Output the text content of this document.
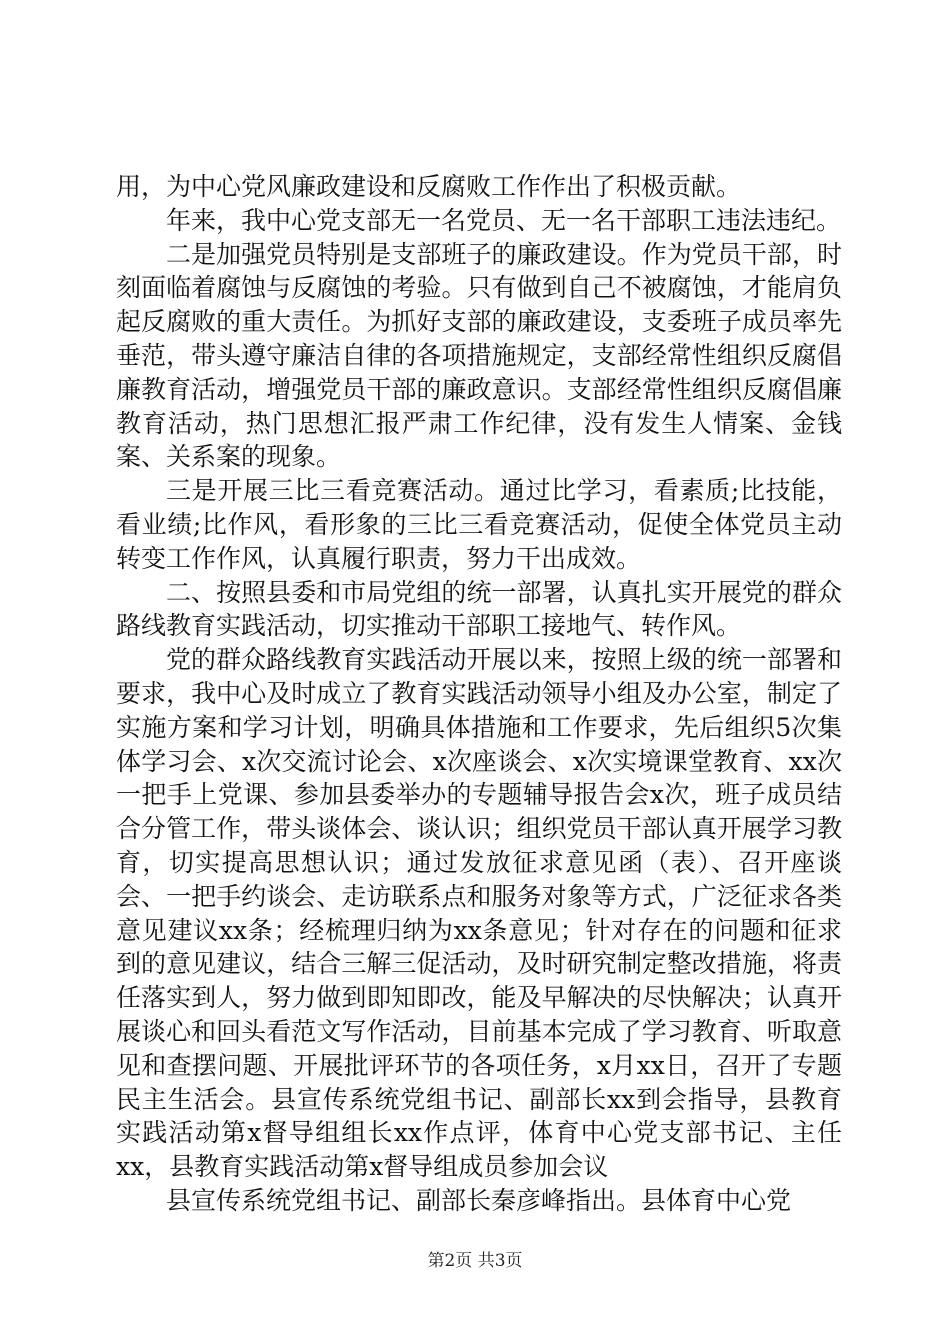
用，为中心党风廉政建设和反腐败工作作出了积极贡献。

年来，我中心党支部无一名党员、无一名干部职工违法违纪。

二是加强党员特别是支部班子的廉政建设。作为党员干部，时刻面临着腐蚀与反腐蚀的考验。只有做到自己不被腐蚀，才能肩负起反腐败的重大责任。为抓好支部的廉政建设，支委班子成员率先垂范，带头遵守廉洁自律的各项措施规定，支部经常性组织反腐倡廉教育活动，增强党员干部的廉政意识。支部经常性组织反腐倡廉教育活动，热门思想汇报严肃工作纪律，没有发生人情案、金钱案、关系案的现象。

三是开展三比三看竞赛活动。通过比学习，看素质;比技能，看业绩;比作风，看形象的三比三看竞赛活动，促使全体党员主动转变工作作风，认真履行职责，努力干出成效。

二、按照县委和市局党组的统一部署，认真扎实开展党的群众路线教育实践活动，切实推动干部职工接地气、转作风。

党的群众路线教育实践活动开展以来，按照上级的统一部署和要求，我中心及时成立了教育实践活动领导小组及办公室，制定了实施方案和学习计划，明确具体措施和工作要求，先后组织5次集体学习会、x次交流讨论会、x次座谈会、x次实境课堂教育、xx次一把手上党课、参加县委举办的专题辅导报告会x次，班子成员结合分管工作，带头谈体会、谈认识；组织党员干部认真开展学习教育，切实提高思想认识；通过发放征求意见函（表）、召开座谈会、一把手约谈会、走访联系点和服务对象等方式，广泛征求各类意见建议xx条；经梳理归纳为xx条意见；针对存在的问题和征求到的意见建议，结合三解三促活动，及时研究制定整改措施，将责任落实到人，努力做到即知即改，能及早解决的尽快解决；认真开展谈心和回头看范文写作活动，目前基本完成了学习教育、听取意见和查摆问题、开展批评环节的各项任务，x月xx日，召开了专题民主生活会。县宣传系统党组书记、副部长xx到会指导，县教育实践活动第x督导组组长xx作点评，体育中心党支部书记、主任xx，县教育实践活动第x督导组成员参加会议

县宣传系统党组书记、副部长秦彦峰指出。县体育中心党

第2页 共3页
